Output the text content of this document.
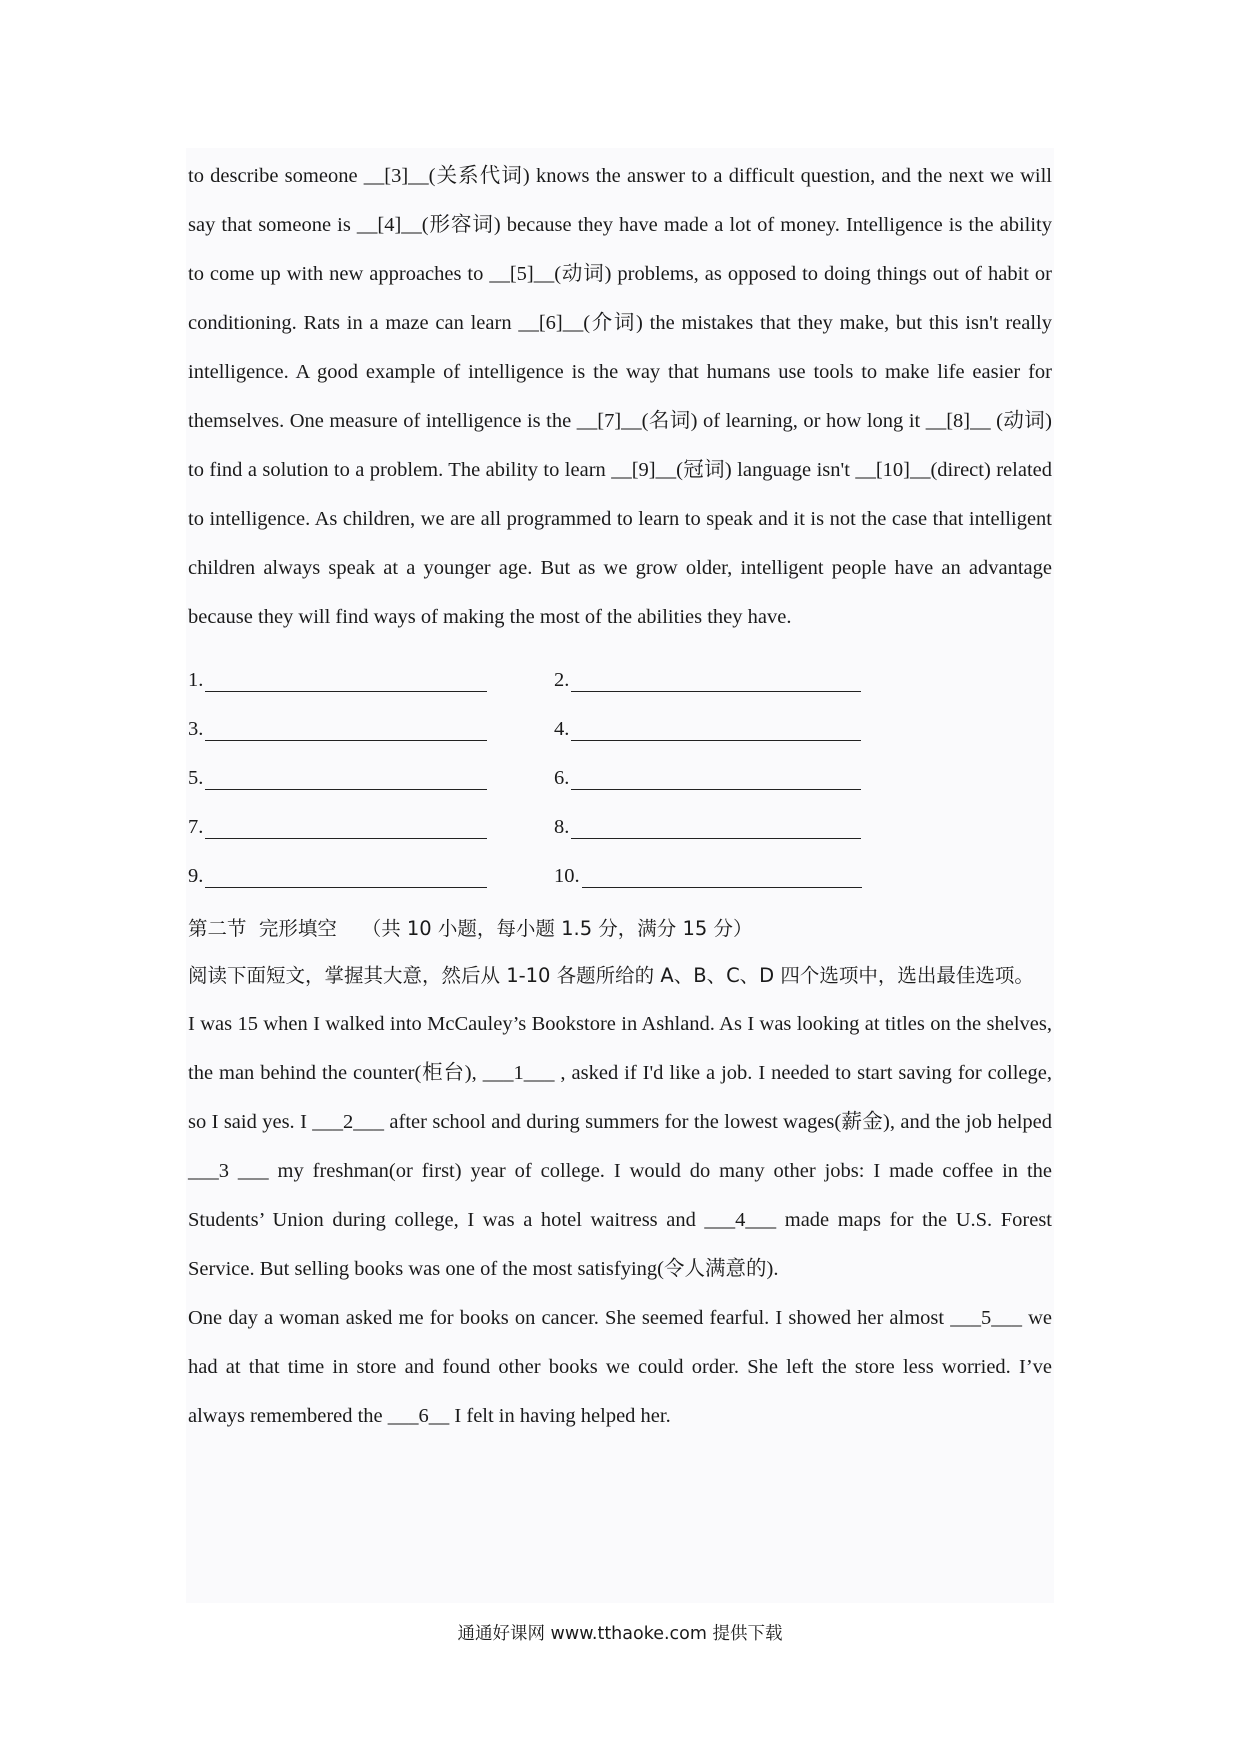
to describe someone __[3]__(关系代词) knows the answer to a difficult question, and the next we will say that someone is __[4]__(形容词) because they have made a lot of money. Intelligence is the ability to come up with new approaches to __[5]__(动词) problems, as opposed to doing things out of habit or conditioning. Rats in a maze can learn __[6]__(介词) the mistakes that they make, but this isn't really intelligence. A good example of intelligence is the way that humans use tools to make life easier for themselves. One measure of intelligence is the __[7]__(名词) of learning, or how long it __[8]__ (动词) to find a solution to a problem. The ability to learn __[9]__(冠词) language isn't __[10]__(direct) related to intelligence. As children, we are all programmed to learn to speak and it is not the case that intelligent children always speak at a younger age. But as we grow older, intelligent people have an advantage because they will find ways of making the most of the abilities they have.

1.	2.
3.	4.
5.	6.
7.	8.
9.	10.

第二节  完形填空    （共 10 小题，每小题 1.5 分，满分 15 分）

阅读下面短文，掌握其大意，然后从 1-10 各题所给的 A、B、C、D 四个选项中，选出最佳选项。

I was 15 when I walked into McCauley’s Bookstore in Ashland. As I was looking at titles on the shelves, the man behind the counter(柜台), ___1___ , asked if I'd like a job. I needed to start saving for college, so I said yes. I ___2___ after school and during summers for the lowest wages(薪金), and the job helped ___3 ___ my freshman(or first) year of college. I would do many other jobs: I made coffee in the Students’ Union during college, I was a hotel waitress and ___4___ made maps for the U.S. Forest Service. But selling books was one of the most satisfying(令人满意的).

One day a woman asked me for books on cancer. She seemed fearful. I showed her almost ___5___ we had at that time in store and found other books we could order. She left the store less worried. I’ve always remembered the ___6__ I felt in having helped her.

通通好课网 www.tthaoke.com 提供下载
